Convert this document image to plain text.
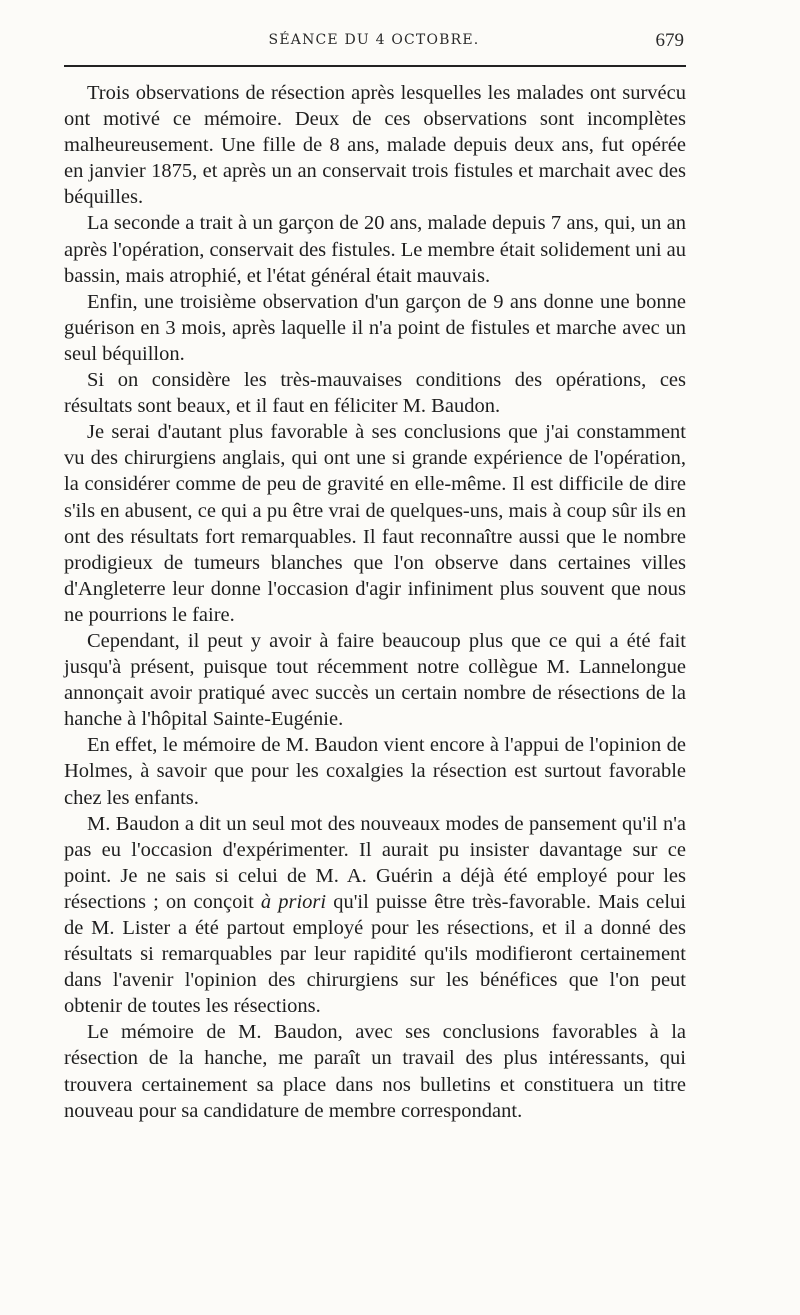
SÉANCE DU 4 OCTOBRE.	679

Trois observations de résection après lesquelles les malades ont survécu ont motivé ce mémoire. Deux de ces observations sont incomplètes malheureusement. Une fille de 8 ans, malade depuis deux ans, fut opérée en janvier 1875, et après un an conservait trois fistules et marchait avec des béquilles.

La seconde a trait à un garçon de 20 ans, malade depuis 7 ans, qui, un an après l'opération, conservait des fistules. Le membre était solidement uni au bassin, mais atrophié, et l'état général était mauvais.

Enfin, une troisième observation d'un garçon de 9 ans donne une bonne guérison en 3 mois, après laquelle il n'a point de fistules et marche avec un seul béquillon.

Si on considère les très-mauvaises conditions des opérations, ces résultats sont beaux, et il faut en féliciter M. Baudon.

Je serai d'autant plus favorable à ses conclusions que j'ai constamment vu des chirurgiens anglais, qui ont une si grande expérience de l'opération, la considérer comme de peu de gravité en elle-même. Il est difficile de dire s'ils en abusent, ce qui a pu être vrai de quelques-uns, mais à coup sûr ils en ont des résultats fort remarquables. Il faut reconnaître aussi que le nombre prodigieux de tumeurs blanches que l'on observe dans certaines villes d'Angleterre leur donne l'occasion d'agir infiniment plus souvent que nous ne pourrions le faire.

Cependant, il peut y avoir à faire beaucoup plus que ce qui a été fait jusqu'à présent, puisque tout récemment notre collègue M. Lannelongue annonçait avoir pratiqué avec succès un certain nombre de résections de la hanche à l'hôpital Sainte-Eugénie.

En effet, le mémoire de M. Baudon vient encore à l'appui de l'opinion de Holmes, à savoir que pour les coxalgies la résection est surtout favorable chez les enfants.

M. Baudon a dit un seul mot des nouveaux modes de pansement qu'il n'a pas eu l'occasion d'expérimenter. Il aurait pu insister davantage sur ce point. Je ne sais si celui de M. A. Guérin a déjà été employé pour les résections ; on conçoit à priori qu'il puisse être très-favorable. Mais celui de M. Lister a été partout employé pour les résections, et il a donné des résultats si remarquables par leur rapidité qu'ils modifieront certainement dans l'avenir l'opinion des chirurgiens sur les bénéfices que l'on peut obtenir de toutes les résections.

Le mémoire de M. Baudon, avec ses conclusions favorables à la résection de la hanche, me paraît un travail des plus intéressants, qui trouvera certainement sa place dans nos bulletins et constituera un titre nouveau pour sa candidature de membre correspondant.
